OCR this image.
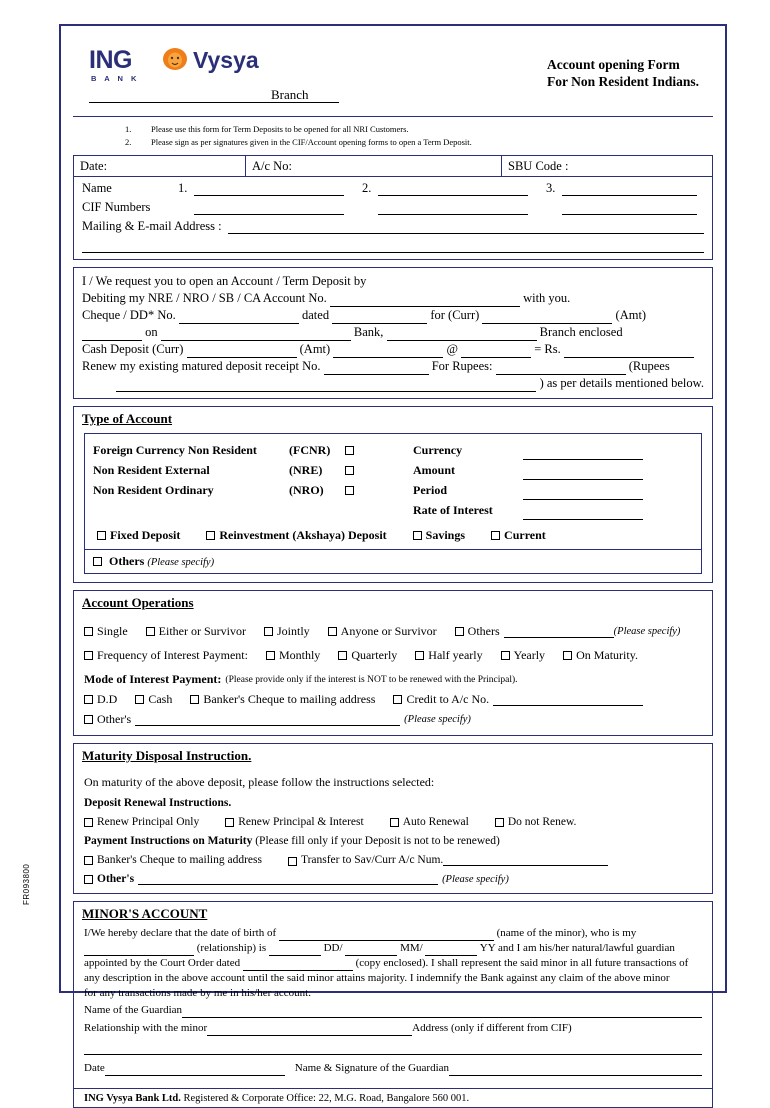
FR093800
ING
B A N K
Vysya
Branch
Account opening Form
For Non Resident Indians.
1. Please use this form for Term Deposits to be opened for all NRI Customers.
2. Please sign as per signatures given in the CIF/Account opening forms to open a Term Deposit.
Date:	A/c No:	SBU Code :
Name	1.	2.	3.
CIF Numbers
Mailing & E-mail Address :
I / We request you to open an Account / Term Deposit by
Debiting my NRE / NRO / SB / CA Account No.	with you.
Cheque / DD* No.	dated	for (Curr)	(Amt)
on	Bank,	Branch enclosed
Cash Deposit (Curr)	(Amt)	@	= Rs.
Renew my existing matured deposit receipt No.	For Rupees:	(Rupees
) as per details mentioned below.
Type of Account
Foreign Currency Non Resident	(FCNR)
Non Resident External	(NRE)
Non Resident Ordinary	(NRO)
Currency
Amount
Period
Rate of Interest
Fixed Deposit	Reinvestment (Akshaya) Deposit	Savings	Current
Others (Please specify)
Account Operations
Single	Either or Survivor	Jointly	Anyone or Survivor	Others	(Please specify)
Frequency of Interest Payment:	Monthly	Quarterly	Half yearly	Yearly	On Maturity.
Mode of Interest Payment: (Please provide only if the interest is NOT to be renewed with the Principal).
D.D	Cash	Banker's Cheque to mailing address	Credit to A/c No.
Other's	(Please specify)
Maturity Disposal Instruction.
On maturity of the above deposit, please follow the instructions selected:
Deposit Renewal Instructions.
Renew Principal Only	Renew Principal & Interest	Auto Renewal	Do not Renew.
Payment Instructions on Maturity (Please fill only if your Deposit is not to be renewed)
Banker's Cheque to mailing address	Transfer to Sav/Curr A/c Num.
Other's	(Please specify)
MINOR'S ACCOUNT
I/We hereby declare that the date of birth of	(name of the minor), who is my
(relationship) is	DD/	MM/	YY and I am his/her natural/lawful guardian
appointed by the Court Order dated	(copy enclosed). I shall represent the said minor in all future transactions of
any description in the above account until the said minor attains majority. I indemnify the Bank against any claim of the above minor
for any transactions made by me in his/her account.
Name of the Guardian
Relationship with the minor	Address (only if different from CIF)
Date	Name & Signature of the Guardian
ING Vysya Bank Ltd. Registered & Corporate Office: 22, M.G. Road, Bangalore 560 001.
